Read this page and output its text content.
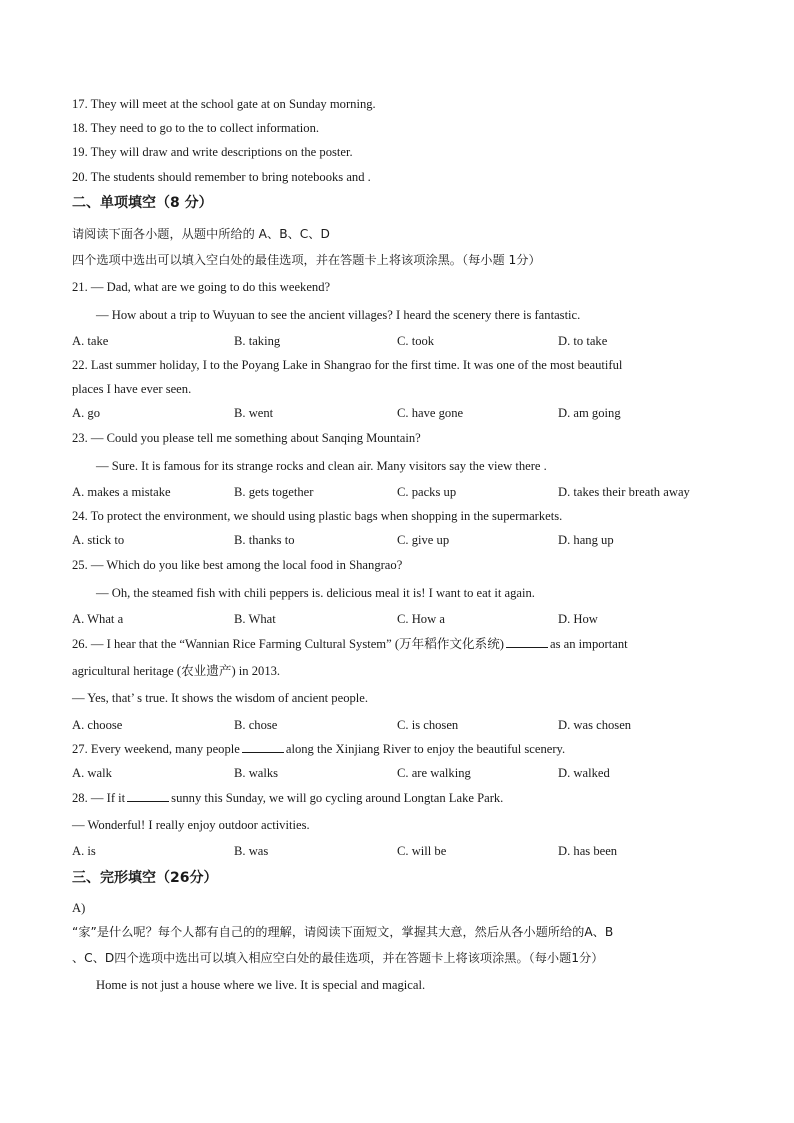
17. They will meet at the school gate at on Sunday morning.
18. They need to go to the to collect information.
19. They will draw and write descriptions on the poster.
20. The students should remember to bring notebooks and .
二、单项填空（8 分）
请阅读下面各小题，从题中所给的 A、B、C、D
四个选项中选出可以填入空白处的最佳选项，并在答题卡上将该项涂黑。（每小题 1分）
21. — Dad, what are we going to do this weekend?
— How about a trip to Wuyuan to see the ancient villages? I heard the scenery there is fantastic.
A. take	B. taking	C. took	D. to take
22. Last summer holiday, I to the Poyang Lake in Shangrao for the first time. It was one of the most beautiful
places I have ever seen.
A. go	B. went	C. have gone	D. am going
23. — Could you please tell me something about Sanqing Mountain?
— Sure. It is famous for its strange rocks and clean air. Many visitors say the view there .
A. makes a mistake	B. gets together	C. packs up	D. takes their breath away
24. To protect the environment, we should using plastic bags when shopping in the supermarkets.
A. stick to	B. thanks to	C. give up	D. hang up
25. — Which do you like best among the local food in Shangrao?
— Oh, the steamed fish with chili peppers is. delicious meal it is! I want to eat it again.
A. What a	B. What	C. How a	D. How
26. — I hear that the “Wannian Rice Farming Cultural System” (万年稻作文化系统)	as an important
agricultural heritage (农业遗产) in 2013.
— Yes, that’ s true. It shows the wisdom of ancient people.
A. choose	B. chose	C. is chosen	D. was chosen
27. Every weekend, many people	along the Xinjiang River to enjoy the beautiful scenery.
A. walk	B. walks	C. are walking	D. walked
28. — If it	sunny this Sunday, we will go cycling around Longtan Lake Park.
— Wonderful! I really enjoy outdoor activities.
A. is	B. was	C. will be	D. has been
三、完形填空（26分）
A)
“家”是什么呢？每个人都有自己的的理解，请阅读下面短文，掌握其大意，然后从各小题所给的A、B
、C、D四个选项中选出可以填入相应空白处的最佳选项，并在答题卡上将该项涂黑。（每小题1分）
Home is not just a house where we live. It is special and magical.
